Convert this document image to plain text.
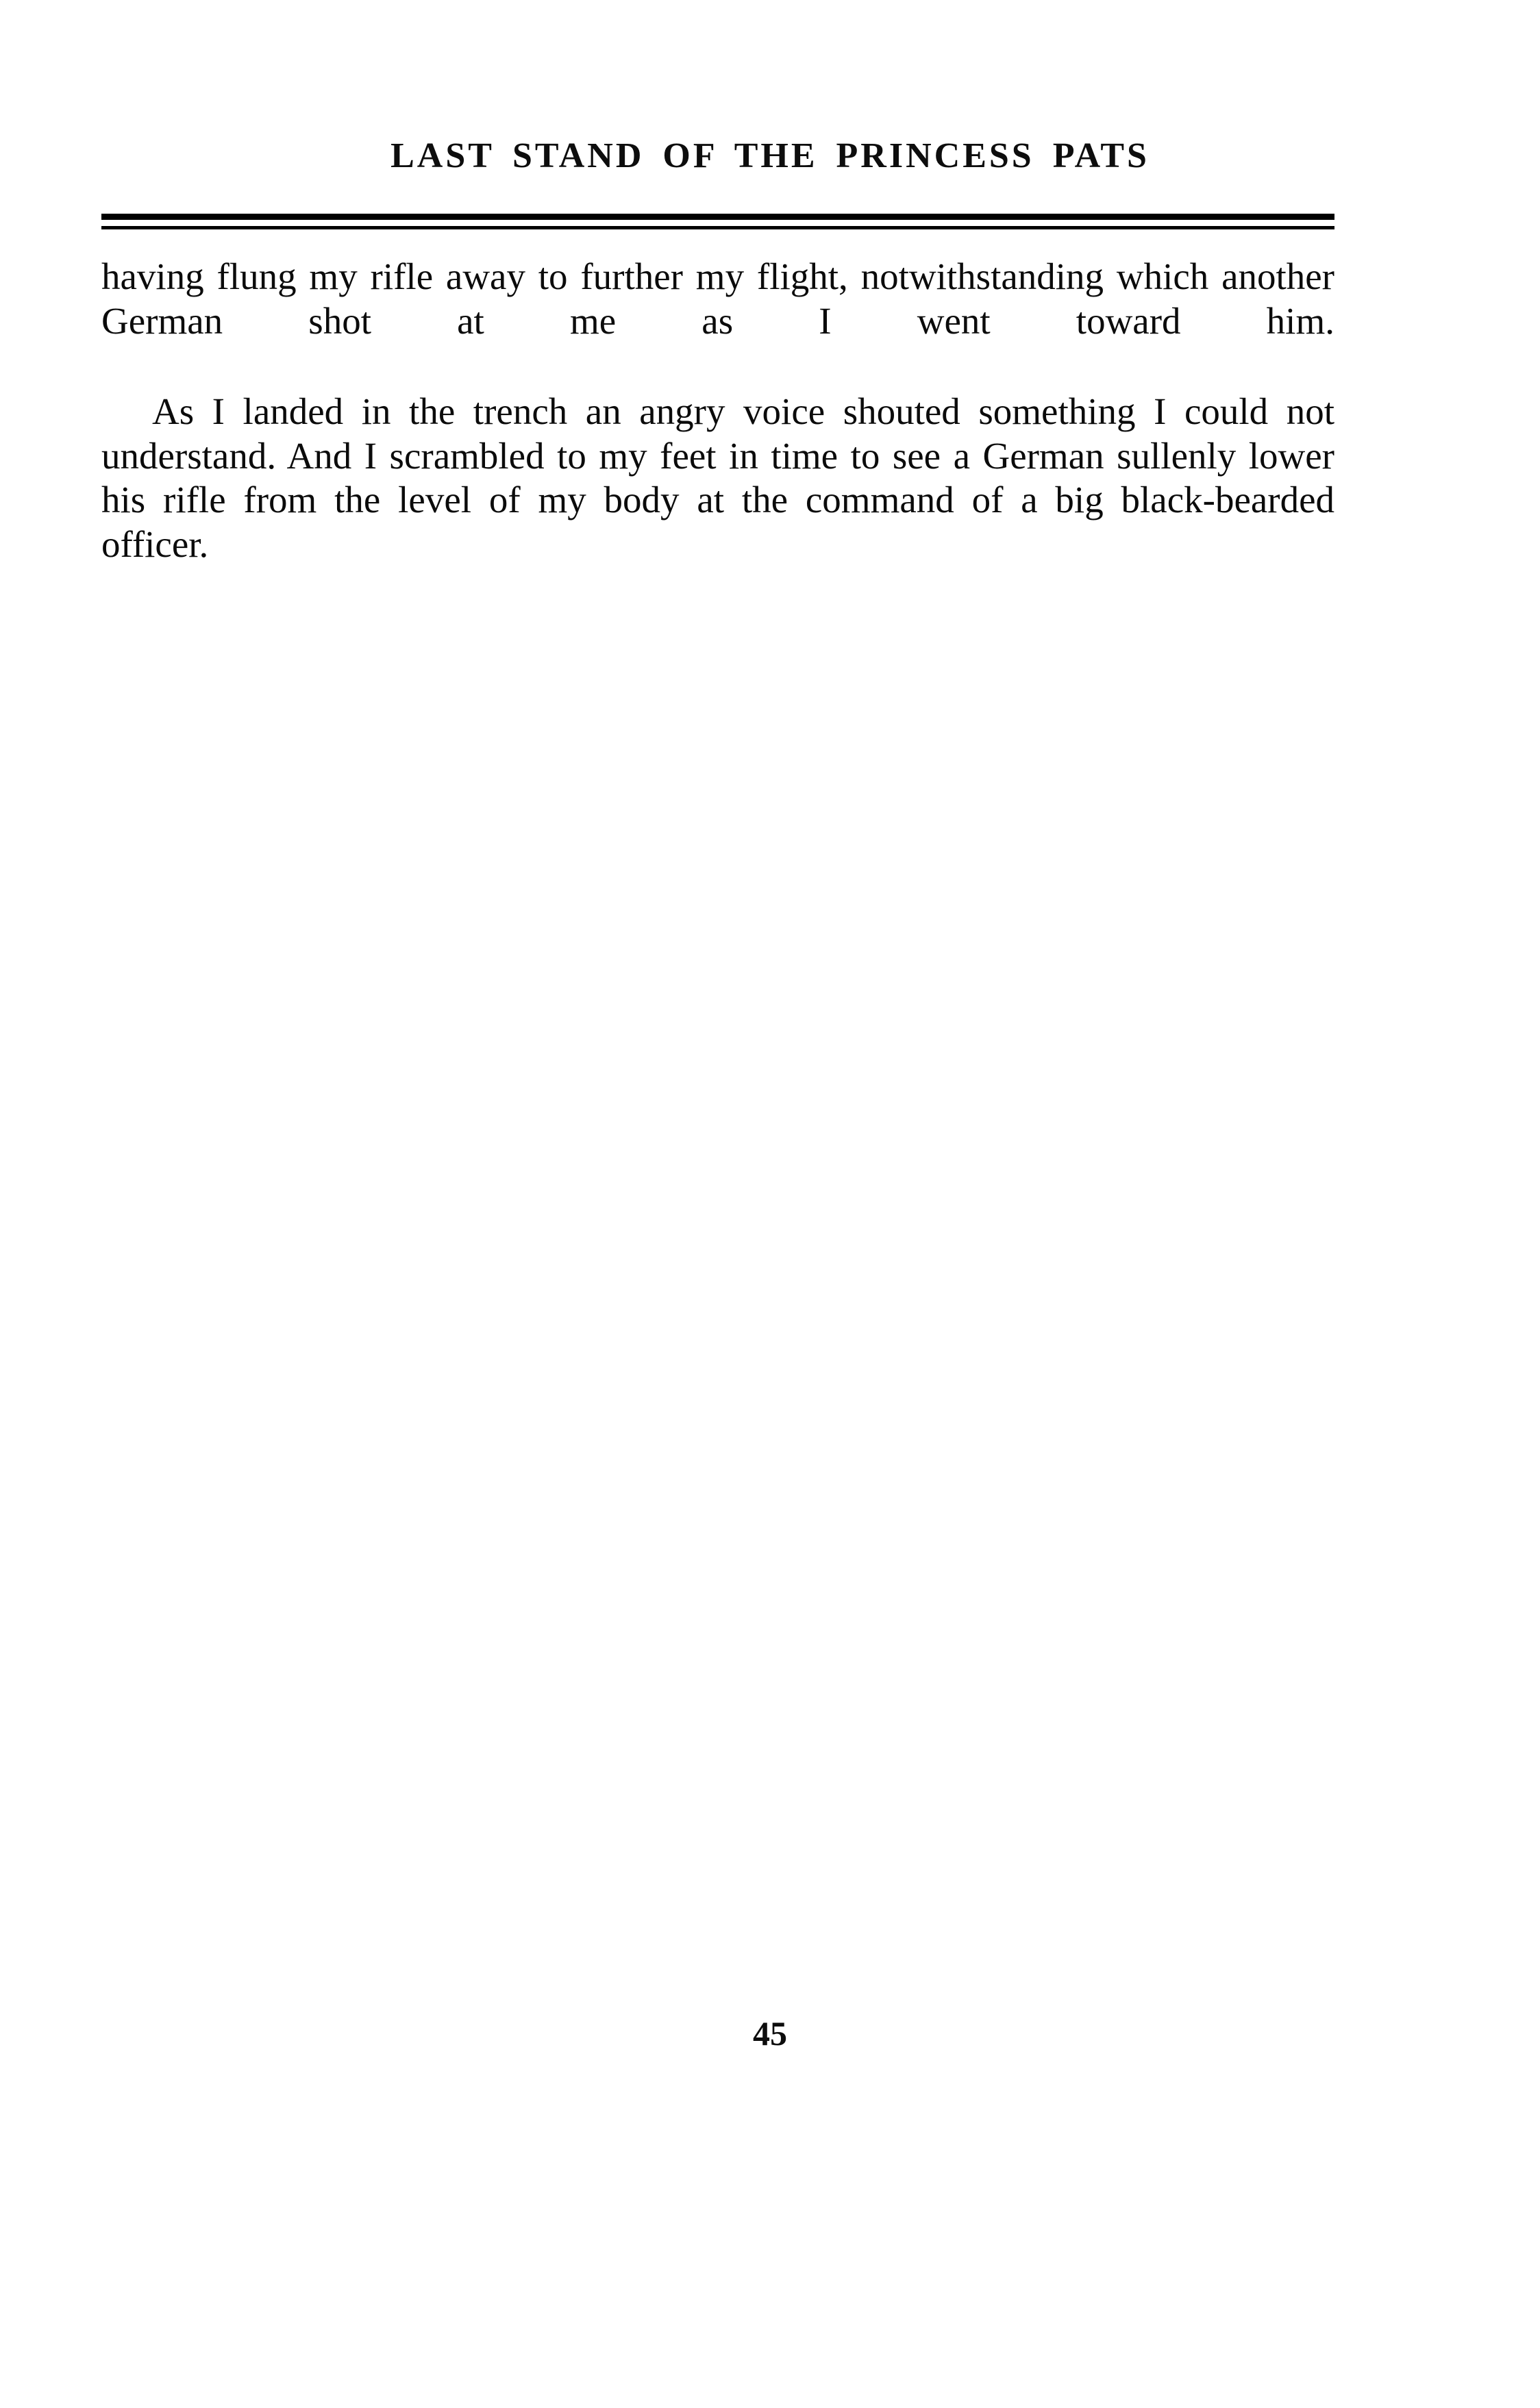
LAST STAND OF THE PRINCESS PATS

having flung my rifle away to further my flight, notwithstanding which another German shot at me as I went toward him.

As I landed in the trench an angry voice shouted something I could not understand. And I scrambled to my feet in time to see a German sullenly lower his rifle from the level of my body at the command of a big black-bearded officer.

45
